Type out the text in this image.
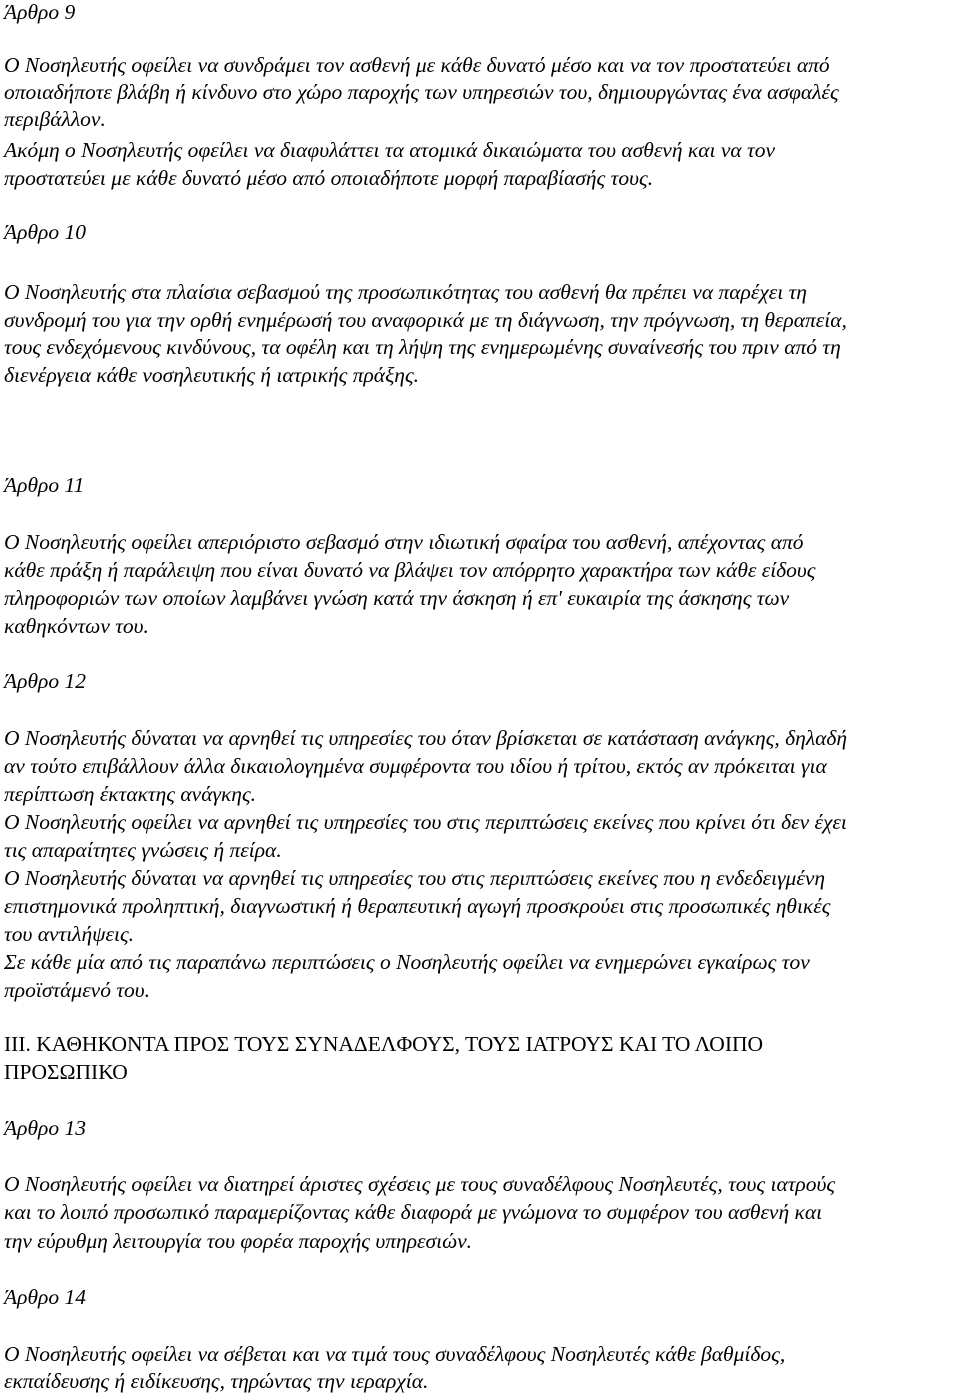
Άρθρο 9
Ο Νοσηλευτής οφείλει να συνδράμει τον ασθενή με κάθε δυνατό μέσο και να τον προστατεύει από
οποιαδήποτε βλάβη ή κίνδυνο στο χώρο παροχής των υπηρεσιών του, δημιουργώντας ένα ασφαλές
περιβάλλον.
Ακόμη ο Νοσηλευτής οφείλει να διαφυλάττει τα ατομικά δικαιώματα του ασθενή και να τον
προστατεύει με κάθε δυνατό μέσο από οποιαδήποτε μορφή παραβίασής τους.
Άρθρο 10
Ο Νοσηλευτής στα πλαίσια σεβασμού της προσωπικότητας του ασθενή θα πρέπει να παρέχει τη
συνδρομή του για την ορθή ενημέρωσή του αναφορικά με τη διάγνωση, την πρόγνωση, τη θεραπεία,
τους ενδεχόμενους κινδύνους, τα οφέλη και τη λήψη της ενημερωμένης συναίνεσής του πριν από τη
διενέργεια κάθε νοσηλευτικής ή ιατρικής πράξης.
Άρθρο 11
Ο Νοσηλευτής οφείλει απεριόριστο σεβασμό στην ιδιωτική σφαίρα του ασθενή, απέχοντας από
κάθε πράξη ή παράλειψη που είναι δυνατό να βλάψει τον απόρρητο χαρακτήρα των κάθε είδους
πληροφοριών των οποίων λαμβάνει γνώση κατά την άσκηση ή επ' ευκαιρία της άσκησης των
καθηκόντων του.
Άρθρο 12
Ο Νοσηλευτής δύναται να αρνηθεί τις υπηρεσίες του όταν βρίσκεται σε κατάσταση ανάγκης, δηλαδή
αν τούτο επιβάλλουν άλλα δικαιολογημένα συμφέροντα του ιδίου ή τρίτου, εκτός αν πρόκειται για
περίπτωση έκτακτης ανάγκης.
Ο Νοσηλευτής οφείλει να αρνηθεί τις υπηρεσίες του στις περιπτώσεις εκείνες που κρίνει ότι δεν έχει
τις απαραίτητες γνώσεις ή πείρα.
Ο Νοσηλευτής δύναται να αρνηθεί τις υπηρεσίες του στις περιπτώσεις εκείνες που η ενδεδειγμένη
επιστημονικά προληπτική, διαγνωστική ή θεραπευτική αγωγή προσκρούει στις προσωπικές ηθικές
του αντιλήψεις.
Σε κάθε μία από τις παραπάνω περιπτώσεις ο Νοσηλευτής οφείλει να ενημερώνει εγκαίρως τον
προϊστάμενό του.
ΙΙΙ. ΚΑΘΗΚΟΝΤΑ ΠΡΟΣ ΤΟΥΣ ΣΥΝΑΔΕΛΦΟΥΣ, ΤΟΥΣ ΙΑΤΡΟΥΣ ΚΑΙ ΤΟ ΛΟΙΠΟ
ΠΡΟΣΩΠΙΚΟ
Άρθρο 13
Ο Νοσηλευτής οφείλει να διατηρεί άριστες σχέσεις με τους συναδέλφους Νοσηλευτές, τους ιατρούς
και το λοιπό προσωπικό παραμερίζοντας κάθε διαφορά με γνώμονα το συμφέρον του ασθενή και
την εύρυθμη λειτουργία του φορέα παροχής υπηρεσιών.
Άρθρο 14
Ο Νοσηλευτής οφείλει να σέβεται και να τιμά τους συναδέλφους Νοσηλευτές κάθε βαθμίδος,
εκπαίδευσης ή ειδίκευσης, τηρώντας την ιεραρχία.
